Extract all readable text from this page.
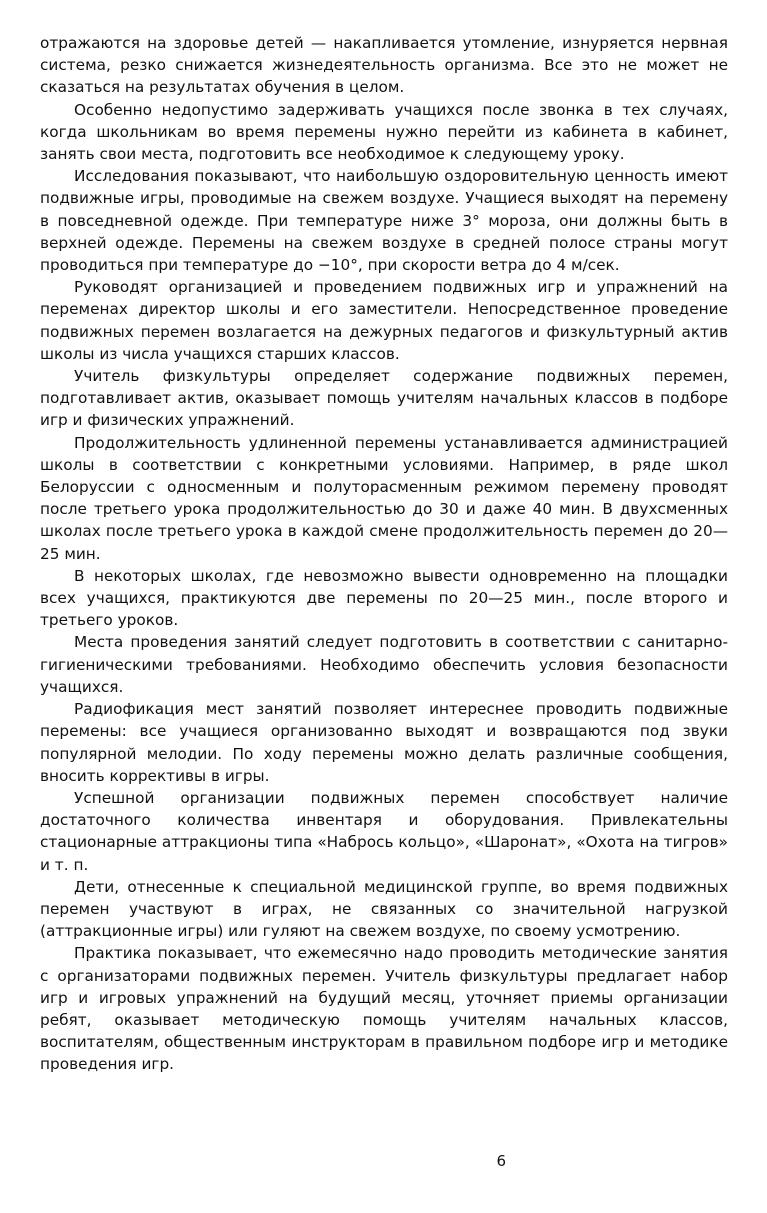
отражаются на здоровье детей — накапливается утомление, изнуряется нервная система, резко снижается жизнедеятельность организма. Все это не может не сказаться на результатах обучения в целом.

Особенно недопустимо задерживать учащихся после звонка в тех случаях, когда школьникам во время перемены нужно перейти из кабинета в кабинет, занять свои места, подготовить все необходимое к следующему уроку.

Исследования показывают, что наибольшую оздоровительную ценность имеют подвижные игры, проводимые на свежем воздухе. Учащиеся выходят на перемену в повседневной одежде. При температуре ниже 3° мороза, они должны быть в верхней одежде. Перемены на свежем воздухе в средней полосе страны могут проводиться при температуре до −10°, при скорости ветра до 4 м/сек.

Руководят организацией и проведением подвижных игр и упражнений на переменах директор школы и его заместители. Непосредственное проведение подвижных перемен возлагается на дежурных педагогов и физкультурный актив школы из числа учащихся старших классов.

Учитель физкультуры определяет содержание подвижных перемен, подготавливает актив, оказывает помощь учителям начальных классов в подборе игр и физических упражнений.

Продолжительность удлиненной перемены устанавливается администрацией школы в соответствии с конкретными условиями. Например, в ряде школ Белоруссии с односменным и полуторасменным режимом перемену проводят после третьего урока продолжительностью до 30 и даже 40 мин. В двухсменных школах после третьего урока в каждой смене продолжительность перемен до 20—25 мин.

В некоторых школах, где невозможно вывести одновременно на площадки всех учащихся, практикуются две перемены по 20—25 мин., после второго и третьего уроков.

Места проведения занятий следует подготовить в соответствии с санитарно-гигиеническими требованиями. Необходимо обеспечить условия безопасности учащихся.

Радиофикация мест занятий позволяет интереснее проводить подвижные перемены: все учащиеся организованно выходят и возвращаются под звуки популярной мелодии. По ходу перемены можно делать различные сообщения, вносить коррективы в игры.

Успешной организации подвижных перемен способствует наличие достаточного количества инвентаря и оборудования. Привлекательны стационарные аттракционы типа «Набрось кольцо», «Шаронат», «Охота на тигров» и т. п.

Дети, отнесенные к специальной медицинской группе, во время подвижных перемен участвуют в играх, не связанных со значительной нагрузкой (аттракционные игры) или гуляют на свежем воздухе, по своему усмотрению.

Практика показывает, что ежемесячно надо проводить методические занятия с организаторами подвижных перемен. Учитель физкультуры предлагает набор игр и игровых упражнений на будущий месяц, уточняет приемы организации ребят, оказывает методическую помощь учителям начальных классов, воспитателям, общественным инструкторам в правильном подборе игр и методике проведения игр.

6
